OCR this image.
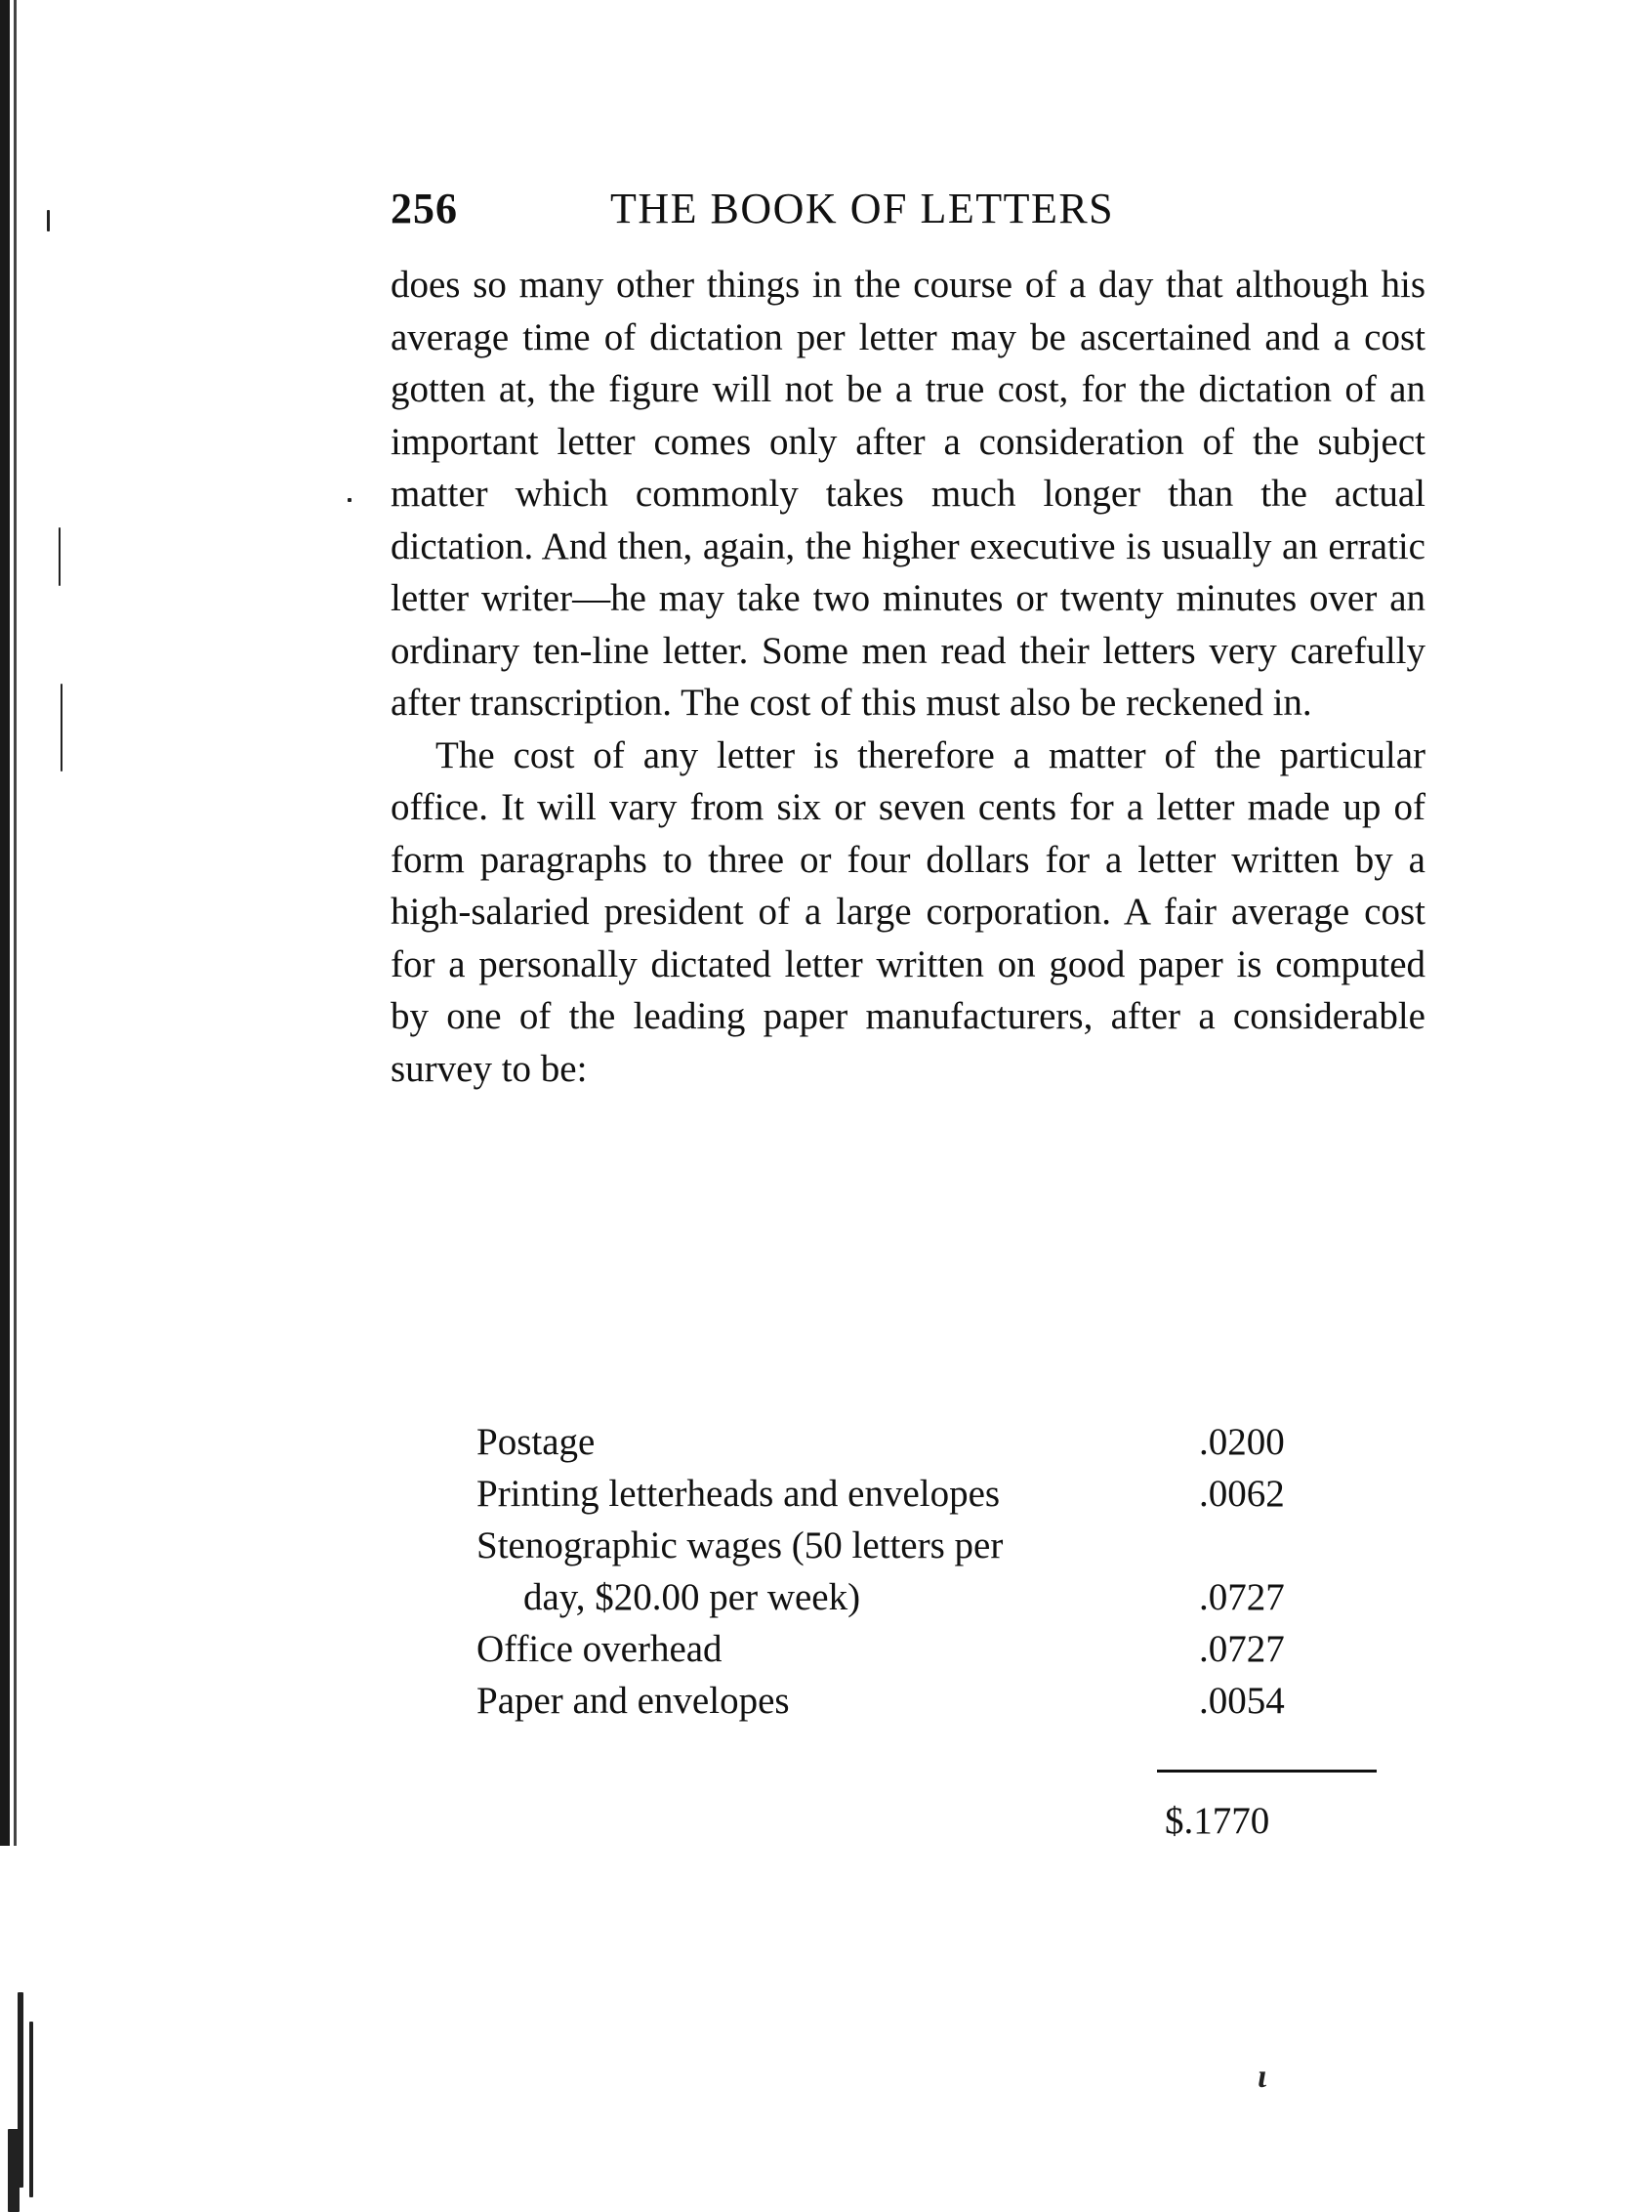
256	THE BOOK OF LETTERS

does so many other things in the course of a day that although his average time of dictation per letter may be ascertained and a cost gotten at, the figure will not be a true cost, for the dictation of an important letter comes only after a consideration of the subject matter which commonly takes much longer than the actual dictation. And then, again, the higher executive is usually an erratic letter writer—he may take two minutes or twenty minutes over an ordinary ten-line letter. Some men read their letters very carefully after transcription. The cost of this must also be reckened in.

The cost of any letter is therefore a matter of the particular office. It will vary from six or seven cents for a letter made up of form paragraphs to three or four dollars for a letter written by a high-salaried president of a large corporation. A fair average cost for a personally dictated letter written on good paper is computed by one of the leading paper manufacturers, after a considerable survey to be:

Postage	.0200
Printing letterheads and envelopes	.0062
Stenographic wages (50 letters per
day, $20.00 per week)	.0727
Office overhead	.0727
Paper and envelopes	.0054
$.1770
ɩ
